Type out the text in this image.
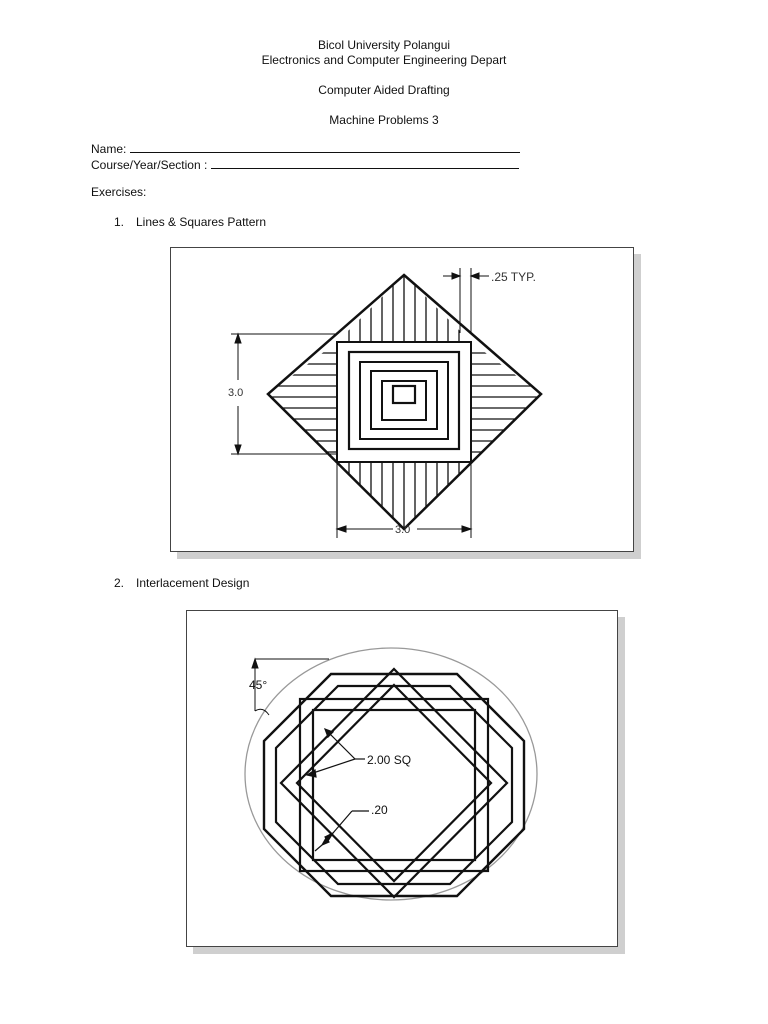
Bicol University Polangui
Electronics and Computer Engineering Depart
Computer Aided Drafting
Machine Problems 3
Name:
Course/Year/Section :
Exercises:
1. Lines & Squares Pattern
.25 TYP.
3.0
3.0
2. Interlacement Design
45°
2.00 SQ
.20
